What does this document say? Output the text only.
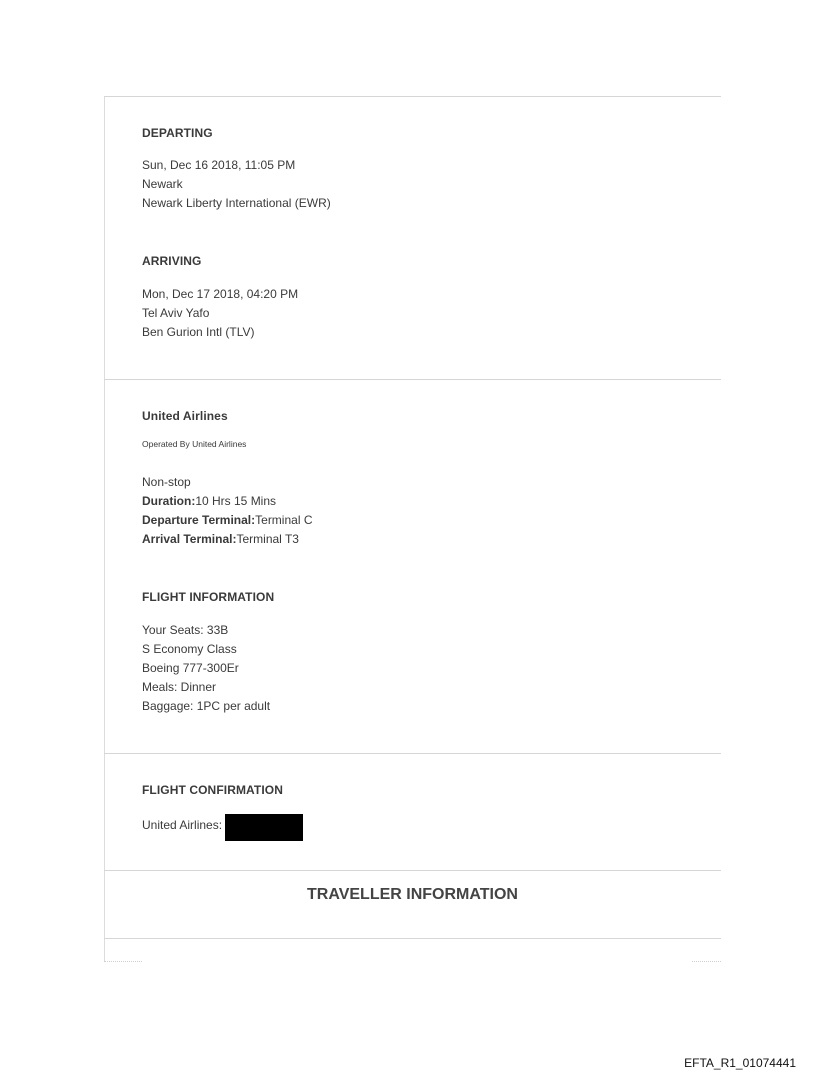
DEPARTING
Sun, Dec 16 2018, 11:05 PM
Newark
Newark Liberty International (EWR)
ARRIVING
Mon, Dec 17 2018, 04:20 PM
Tel Aviv Yafo
Ben Gurion Intl (TLV)
United Airlines
Operated By United Airlines
Non-stop
Duration:10 Hrs 15 Mins
Departure Terminal:Terminal C
Arrival Terminal:Terminal T3
FLIGHT INFORMATION
Your Seats: 33B
S Economy Class
Boeing 777-300Er
Meals: Dinner
Baggage: 1PC per adult
FLIGHT CONFIRMATION
United Airlines:
TRAVELLER INFORMATION
EFTA_R1_01074441
